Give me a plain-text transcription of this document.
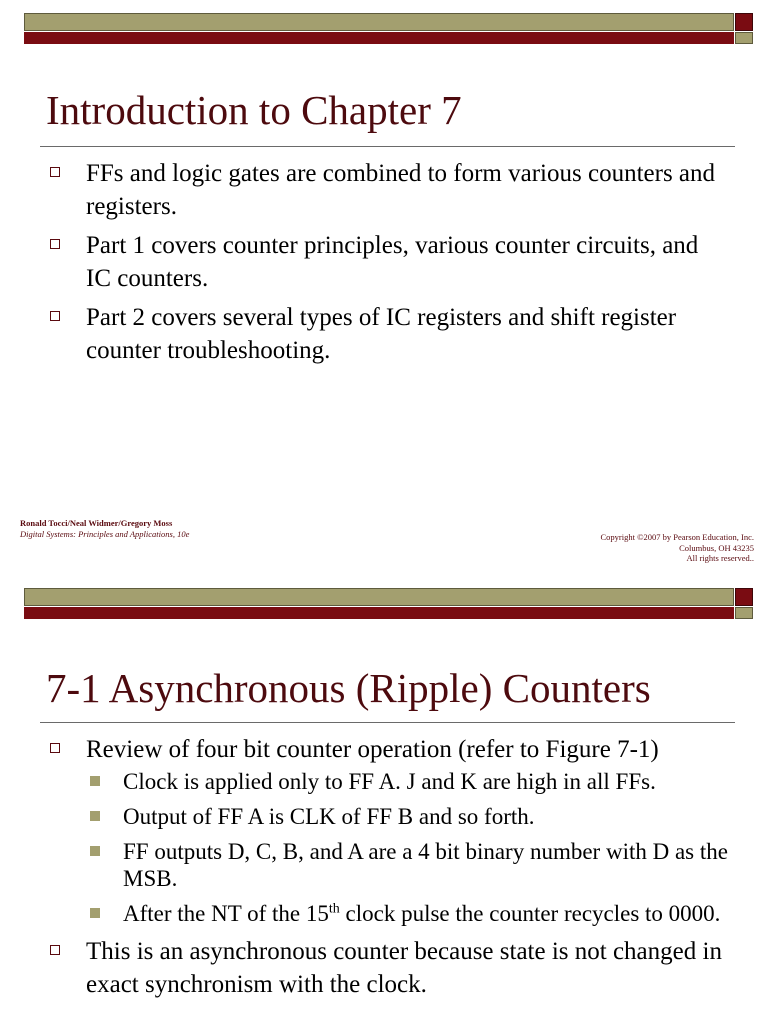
Introduction to Chapter 7
FFs and logic gates are combined to form various counters and registers.
Part 1 covers counter principles, various counter circuits, and IC counters.
Part 2 covers several types of IC registers and shift register counter troubleshooting.
Ronald Tocci/Neal Widmer/Gregory Moss
Digital Systems: Principles and Applications, 10e	Copyright ©2007 by Pearson Education, Inc.
Columbus, OH 43235
All rights reserved..
7-1 Asynchronous (Ripple) Counters
Review of four bit counter operation (refer to Figure 7-1)
Clock is applied only to FF A. J and K are high in all FFs.
Output of FF A is CLK of FF B and so forth.
FF outputs D, C, B, and A are a 4 bit binary number with D as the MSB.
After the NT of the 15th clock pulse the counter recycles to 0000.
This is an asynchronous counter because state is not changed in exact synchronism with the clock.
